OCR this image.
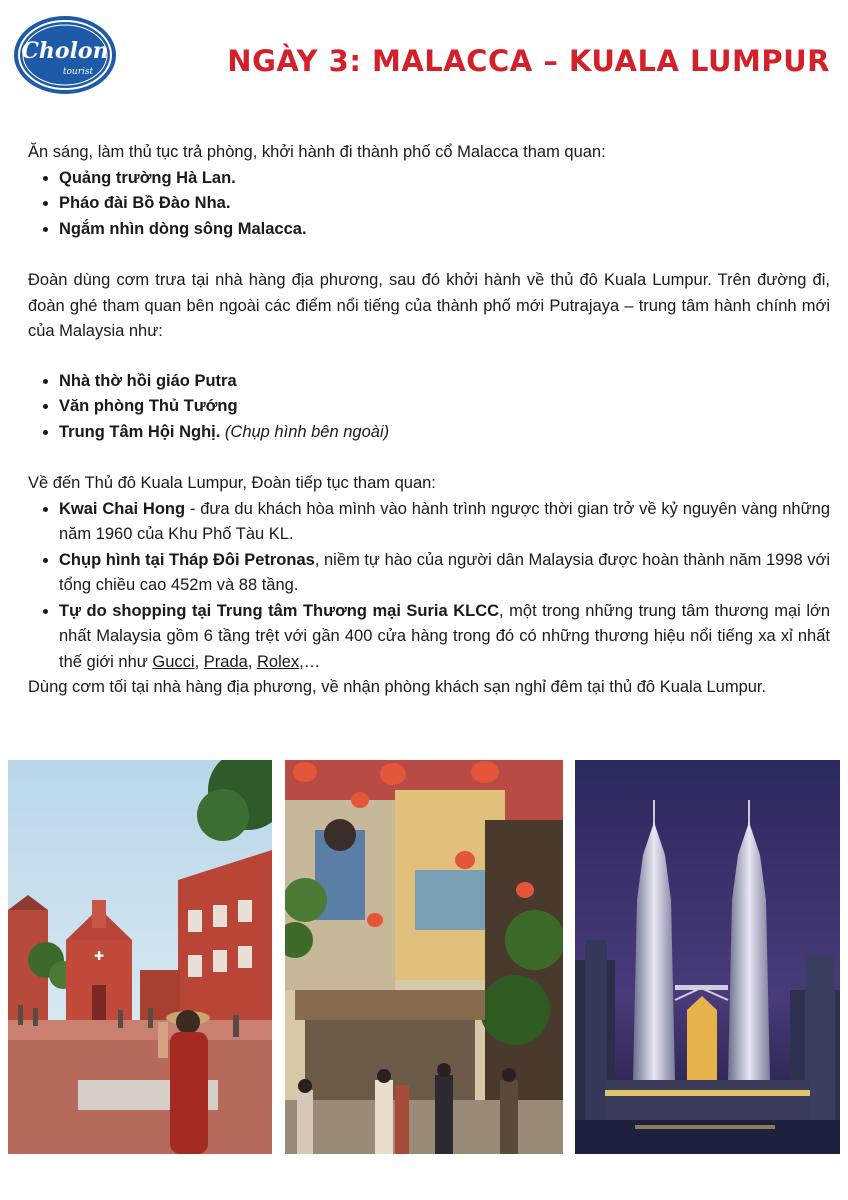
Cholon
tourist	NGÀY 3: MALACCA – KUALA LUMPUR

Ăn sáng, làm thủ tục trả phòng, khởi hành đi thành phố cổ Malacca tham quan:

• Quảng trường Hà Lan.
• Pháo đài Bồ Đào Nha.
• Ngắm nhìn dòng sông Malacca.

Đoàn dùng cơm trưa tại nhà hàng địa phương, sau đó khởi hành về thủ đô Kuala Lumpur. Trên đường đi, đoàn ghé tham quan bên ngoài các điểm nổi tiếng của thành phố mới Putrajaya – trung tâm hành chính mới của Malaysia như:

• Nhà thờ hồi giáo Putra
• Văn phòng Thủ Tướng
• Trung Tâm Hội Nghị. (Chụp hình bên ngoài)

Về đến Thủ đô Kuala Lumpur, Đoàn tiếp tục tham quan:

• Kwai Chai Hong - đưa du khách hòa mình vào hành trình ngược thời gian trở về kỷ nguyên vàng những năm 1960 của Khu Phố Tàu KL.
• Chụp hình tại Tháp Đôi Petronas, niềm tự hào của người dân Malaysia được hoàn thành năm 1998 với tổng chiều cao 452m và 88 tầng.
• Tự do shopping tại Trung tâm Thương mại Suria KLCC, một trong những trung tâm thương mại lớn nhất Malaysia gồm 6 tầng trệt với gần 400 cửa hàng trong đó có những thương hiệu nổi tiếng xa xỉ nhất thế giới như Gucci, Prada, Rolex,…

Dùng cơm tối tại nhà hàng địa phương, về nhận phòng khách sạn nghỉ đêm tại thủ đô Kuala Lumpur.

✚
